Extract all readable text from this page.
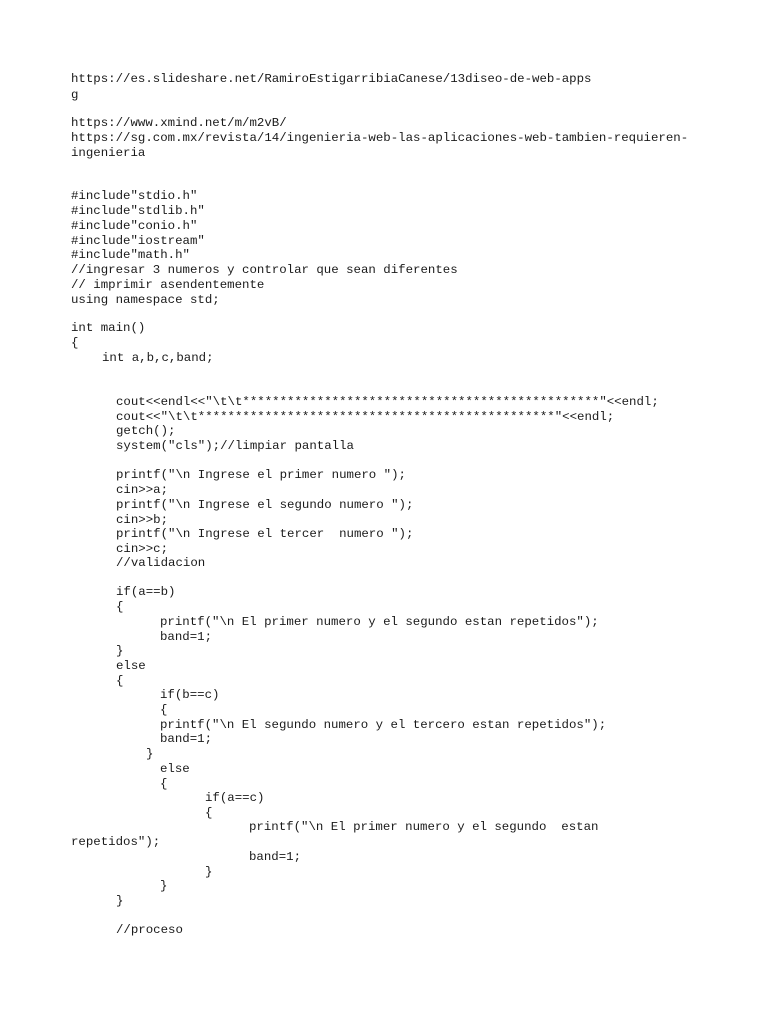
https://es.slideshare.net/RamiroEstigarribiaCanese/13diseo-de-web-apps

g

https://www.xmind.net/m/m2vB/

https://sg.com.mx/revista/14/ingenieria-web-las-aplicaciones-web-tambien-requieren-

ingenieria

#include"stdio.h"

#include"stdlib.h"

#include"conio.h"

#include"iostream"

#include"math.h"

//ingresar 3 numeros y controlar que sean diferentes

// imprimir asendentemente

using namespace std;

int main()

{

int a,b,c,band;

cout<<endl<<"\t\t************************************************"<<endl;

cout<<"\t\t************************************************"<<endl;

getch();

system("cls");//limpiar pantalla

printf("\n Ingrese el primer numero ");

cin>>a;

printf("\n Ingrese el segundo numero ");

cin>>b;

printf("\n Ingrese el tercer  numero ");

cin>>c;

//validacion

if(a==b)

{

printf("\n El primer numero y el segundo estan repetidos");

band=1;

}

else

{

if(b==c)

{

printf("\n El segundo numero y el tercero estan repetidos");

band=1;

}

else

{

if(a==c)

{

printf("\n El primer numero y el segundo  estan

repetidos");

band=1;

}

}

}

//proceso
